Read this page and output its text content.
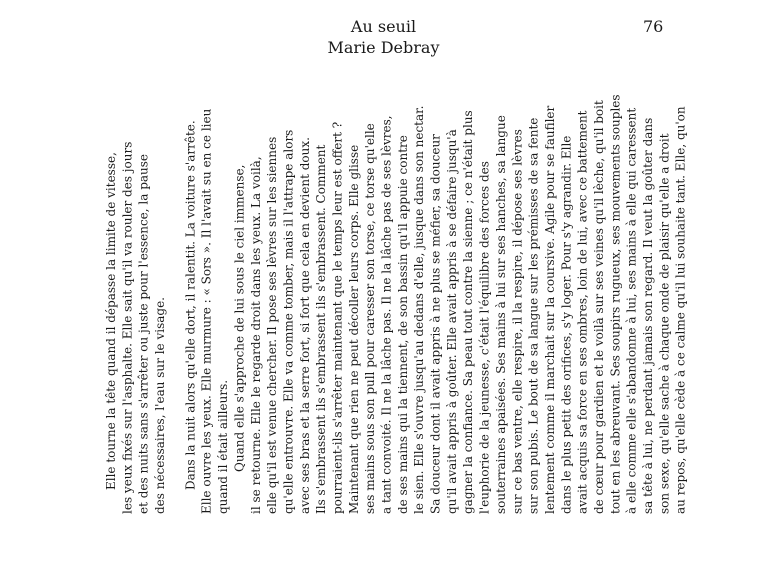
Au seuil
Marie Debray
76
Elle tourne la tête quand il dépasse la limite de vitesse, les yeux fixés sur l'asphalte. Elle sait qu'il va rouler des jours et des nuits sans s'arrêter ou juste pour l'essence, la pause des nécessaires, l'eau sur le visage. Dans la nuit alors qu'elle dort, il ralentit. La voiture s'arrête. Elle ouvre les yeux. Elle murmure : « Sors ». Il l'avait su en ce lieu quand il était ailleurs. Quand elle s'approche de lui sous le ciel immense, il se retourne. Elle le regarde droit dans les yeux. La voilà, elle qu'il est venue chercher. Il pose ses lèvres sur les siennes qu'elle entrouvre. Elle va comme tomber, mais il l'attrape alors avec ses bras et la serre fort, si fort que cela en devient doux. Ils s'embrassent ils s'embrassent ils s'embrassent. Comment pourraient-ils s'arrêter maintenant que le temps leur est offert ? Maintenant que rien ne peut décoller leurs corps. Elle glisse ses mains sous son pull pour caresser son torse, ce torse qu'elle a tant convoité. Il ne la lâche pas. Il ne la lâche pas de ses lèvres, de ses mains qui la tiennent, de son bassin qu'il appuie contre le sien. Elle s'ouvre jusqu'au dedans d'elle, jusque dans son nectar. Sa douceur dont il avait appris à ne plus se méfier, sa douceur qu'il avait appris à goûter. Elle avait appris à se défaire jusqu'à gagner la confiance. Sa peau tout contre la sienne ; ce n'était plus l'euphorie de la jeunesse, c'était l'équilibre des forces des souterraines apaisées. Ses mains à lui sur ses hanches, sa langue sur ce bas ventre, elle respire, il la respire, il dépose ses lèvres sur son pubis. Le bout de sa langue sur les prémisses de sa fente lentement comme il marchait sur la coursive. Agile pour se faufiler dans le plus petit des orifices, s'y loger. Pour s'y agrandir. Elle avait acquis sa force en ses ombres, loin de lui, avec ce battement de cœur pour gardien et le voilà sur ses veines qu'il lèche, qu'il boit tout en les abreuvant. Ses soupirs rugueux, ses mouvements souples à elle comme elle s'abandonne à lui, ses mains à elle qui caressent sa tête à lui, ne perdant jamais son regard. Il veut la goûter dans son sexe, qu'elle sache à chaque onde de plaisir qu'elle a droit au repos, qu'elle cède à ce calme qu'il lui souhaite tant. Elle, qu'on
